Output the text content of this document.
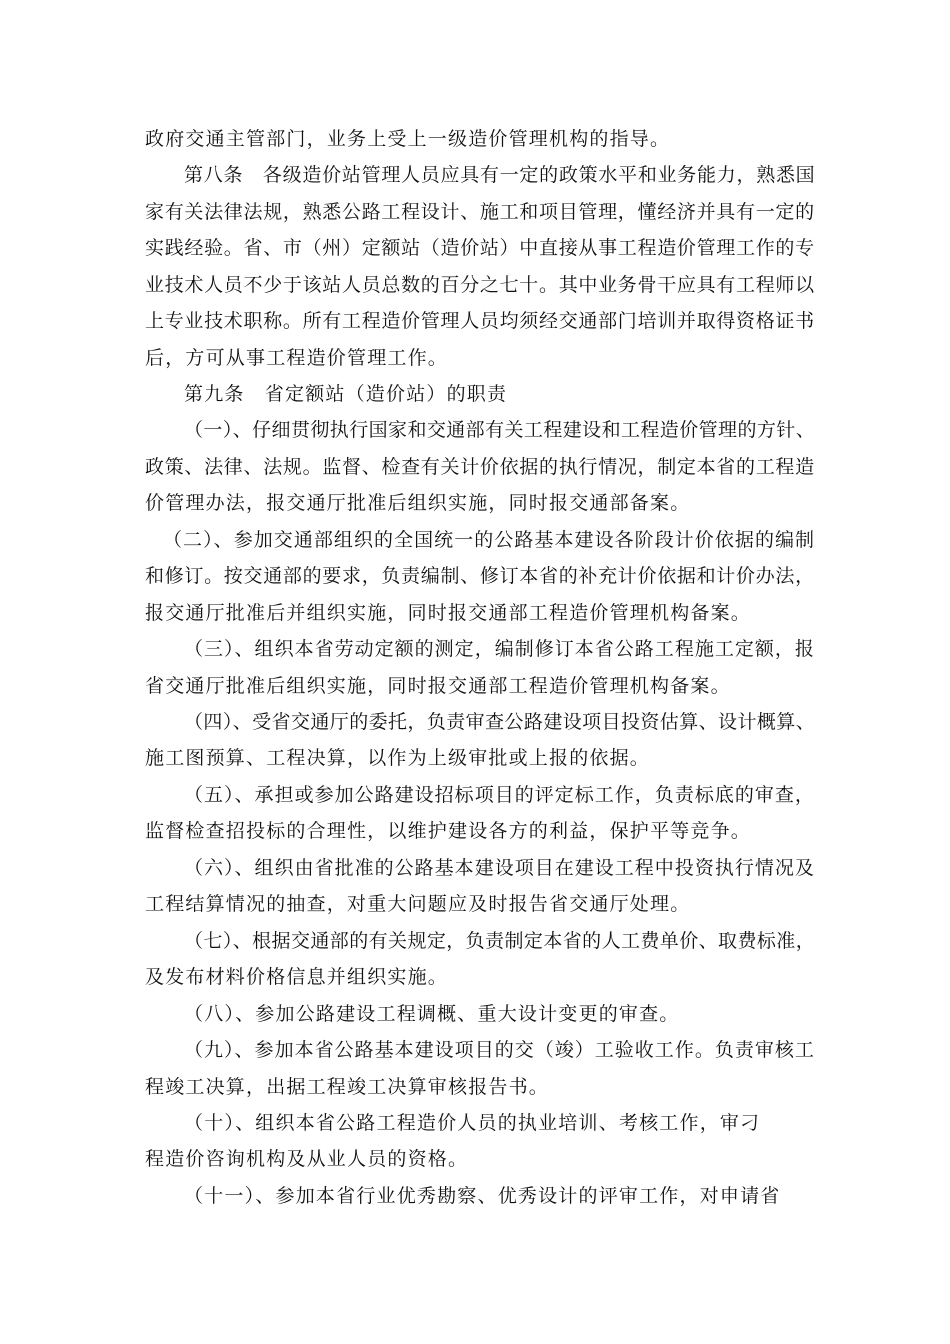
政府交通主管部门，业务上受上一级造价管理机构的指导。
第八条　各级造价站管理人员应具有一定的政策水平和业务能力，熟悉国
家有关法律法规，熟悉公路工程设计、施工和项目管理，懂经济并具有一定的
实践经验。省、市（州）定额站（造价站）中直接从事工程造价管理工作的专
业技术人员不少于该站人员总数的百分之七十。其中业务骨干应具有工程师以
上专业技术职称。所有工程造价管理人员均须经交通部门培训并取得资格证书
后，方可从事工程造价管理工作。
第九条　省定额站（造价站）的职责
（一）、仔细贯彻执行国家和交通部有关工程建设和工程造价管理的方针、
政策、法律、法规。监督、检查有关计价依据的执行情况，制定本省的工程造
价管理办法，报交通厅批准后组织实施，同时报交通部备案。
（二）、参加交通部组织的全国统一的公路基本建设各阶段计价依据的编制
和修订。按交通部的要求，负责编制、修订本省的补充计价依据和计价办法，
报交通厅批准后并组织实施，同时报交通部工程造价管理机构备案。
（三）、组织本省劳动定额的测定，编制修订本省公路工程施工定额，报
省交通厅批准后组织实施，同时报交通部工程造价管理机构备案。
（四）、受省交通厅的委托，负责审查公路建设项目投资估算、设计概算、
施工图预算、工程决算，以作为上级审批或上报的依据。
（五）、承担或参加公路建设招标项目的评定标工作，负责标底的审查，
监督检查招投标的合理性，以维护建设各方的利益，保护平等竞争。
（六）、组织由省批准的公路基本建设项目在建设工程中投资执行情况及
工程结算情况的抽查，对重大问题应及时报告省交通厅处理。
（七）、根据交通部的有关规定，负责制定本省的人工费单价、取费标准，
及发布材料价格信息并组织实施。
（八）、参加公路建设工程调概、重大设计变更的审查。
（九）、参加本省公路基本建设项目的交（竣）工验收工作。负责审核工
程竣工决算，出据工程竣工决算审核报告书。
（十）、组织本省公路工程造价人员的执业培训、考核工作，审刁
程造价咨询机构及从业人员的资格。
（十一）、参加本省行业优秀勘察、优秀设计的评审工作，对申请省
